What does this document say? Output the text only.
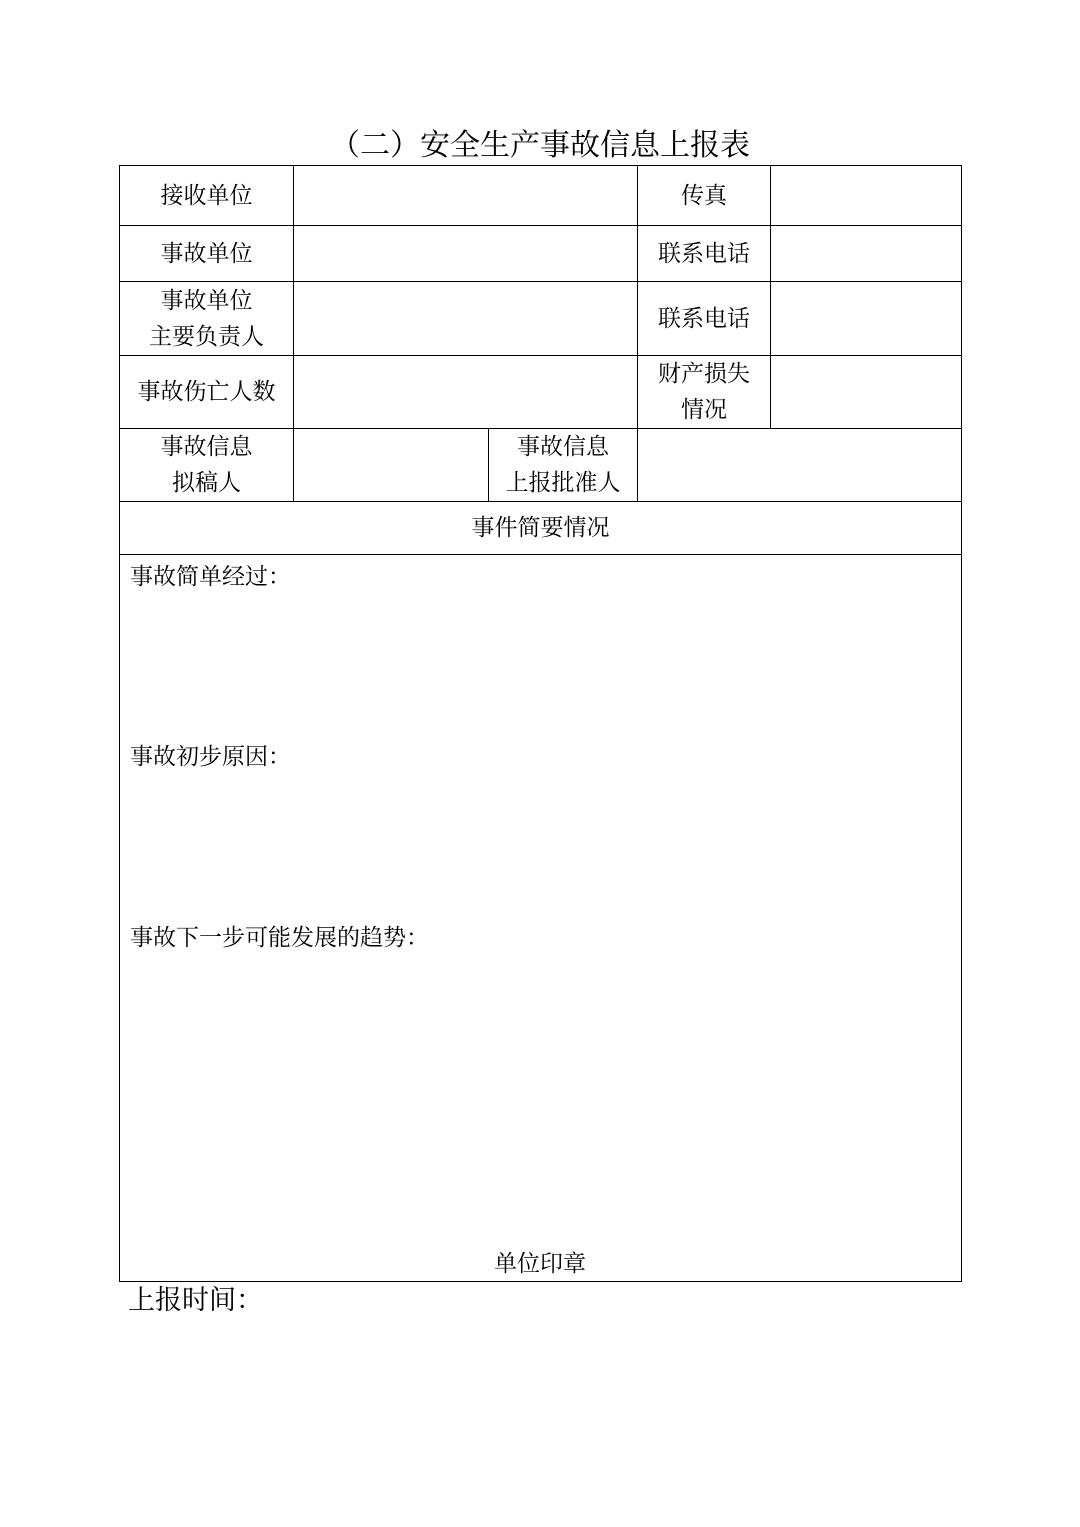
（二）安全生产事故信息上报表
接收单位	传真
事故单位	联系电话
事故单位
主要负责人
联系电话
事故伤亡人数
财产损失
情况
事故信息
拟稿人
事故信息
上报批准人
事件简要情况
事故简单经过：
事故初步原因：
事故下一步可能发展的趋势：
单位印章
上报时间：
